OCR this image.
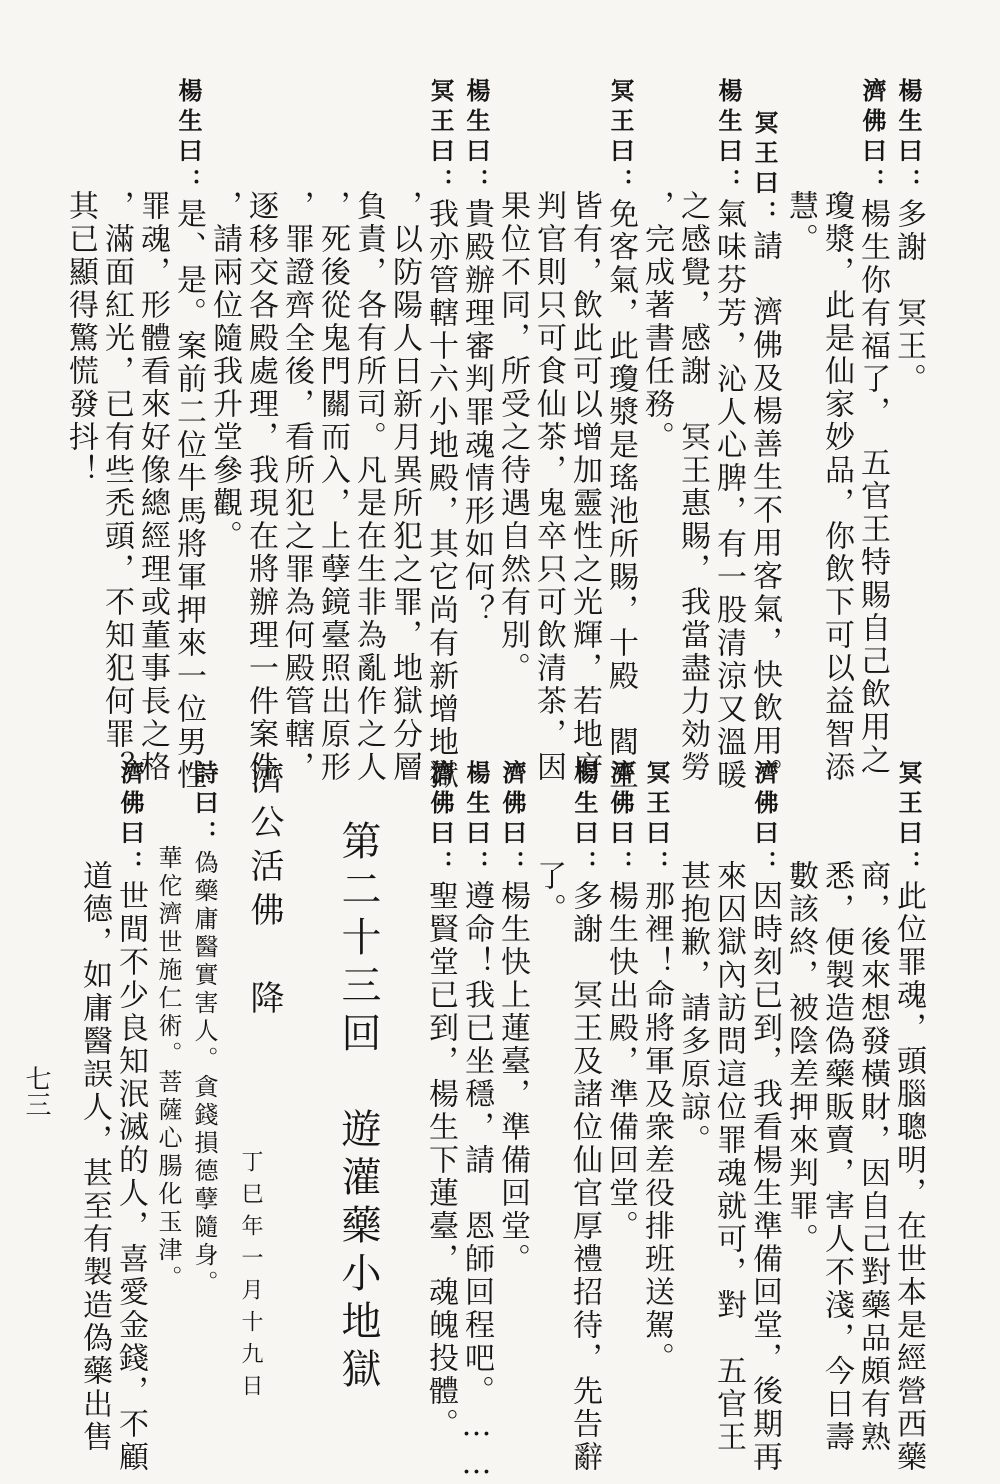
楊生曰：多謝　冥王。
濟佛曰：楊生你有福了，　五官王特賜自己飲用之
瓊漿，此是仙家妙品，你飲下可以益智添
慧。
冥王曰：請　濟佛及楊善生不用客氣，快飲用。
楊生曰：氣味芬芳，沁人心脾，有一股清涼又溫暖
之感覺，感謝　冥王惠賜，我當盡力効勞
，完成著書任務。
冥王曰：免客氣，此瓊漿是瑤池所賜，十殿　閻王
皆有，飲此可以增加靈性之光輝，若地府
判官則只可食仙茶，鬼卒只可飲清茶，因
果位不同，所受之待遇自然有別。
楊生曰：貴殿辦理審判罪魂情形如何？
冥王曰：我亦管轄十六小地殿，其它尚有新增地獄
，以防陽人日新月異所犯之罪，地獄分層
負責，各有所司。凡是在生非為亂作之人
，死後從鬼門關而入，上孽鏡臺照出原形
，罪證齊全後，看所犯之罪為何殿管轄，
逐移交各殿處理，我現在將辦理一件案件
，請兩位隨我升堂參觀。
楊生曰：是、是。案前二位牛馬將軍押來一位男性
罪魂，形體看來好像總經理或董事長之格
，滿面紅光，已有些禿頭，不知犯何罪？
其已顯得驚慌發抖！
冥王曰：此位罪魂，頭腦聰明，在世本是經營西藥
商，後來想發橫財，因自己對藥品頗有熟
悉，便製造偽藥販賣，害人不淺，今日壽
數該終，被陰差押來判罪。
濟佛曰：因時刻已到，我看楊生準備回堂，後期再
來囚獄內訪問這位罪魂就可，對　五官王
甚抱歉，請多原諒。
冥王曰：那裡！命將軍及衆差役排班送駕。
濟佛曰：楊生快出殿，準備回堂。
楊生曰：多謝　冥王及諸位仙官厚禮招待，先告辭
了。
濟佛曰：楊生快上蓮臺，準備回堂。
楊生曰：遵命！我已坐穩，請　恩師回程吧。……
濟佛曰：聖賢堂已到，楊生下蓮臺，魂魄投體。
第二十三回　遊灌藥小地獄
濟公活佛　降
丁巳年一月十九日
詩曰：偽藥庸醫實害人。貪錢損德孽隨身。
華佗濟世施仁術。菩薩心腸化玉津。
濟佛曰：世間不少良知泯滅的人，喜愛金錢，不顧
道德，如庸醫誤人，甚至有製造偽藥出售
七三
